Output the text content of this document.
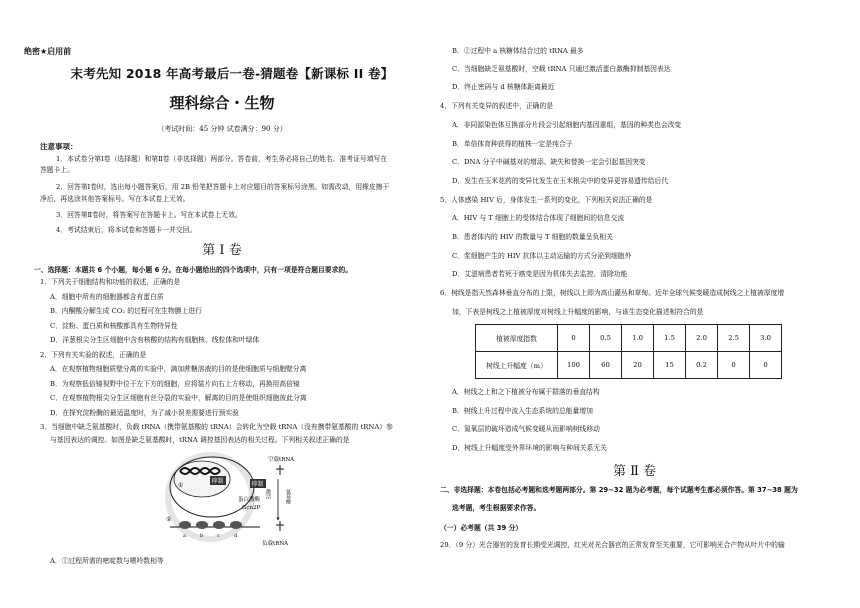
绝密★启用前
末考先知 2018 年高考最后一卷-猜题卷【新课标 II 卷】
理科综合・生物
（考试时间：45 分钟 试卷满分：90 分）
注意事项：
1．本试卷分第Ⅰ卷（选择题）和第Ⅱ卷（非选择题）两部分。答卷前，考生务必将自己的姓名、准考证号填写在
答题卡上。
2．回答第Ⅰ卷时，选出每小题答案后，用 2B 铅笔把答题卡上对应题目的答案标号涂黑。如需改动，用橡皮擦干
净后，再选涂其他答案标号。写在本试卷上无效。
3．回答第Ⅱ卷时，将答案写在答题卡上。写在本试卷上无效。
4．考试结束后，将本试卷和答题卡一并交回。
第 Ⅰ 卷
一、选择题：本题共 6 个小题，每小题 6 分。在每小题给出的四个选项中，只有一项是符合题目要求的。
1．下列关于细胞结构和功能的叙述，正确的是
A．细胞中所有的细胞器都含有蛋白质
B．内酮酸分解生成 CO₂ 的过程可在生物膜上进行
C．淀粉、蛋白质和核酸都具有生物特异性
D．洋葱根尖分生区细胞中含有核酸的结构有细胞核、线粒体和叶绿体
2．下列有关实验的叙述，正确的是
A．在观察植物细胞质壁分离的实验中，滴加蔗糖溶液的目的是使细胞质与细胞壁分离
B．为观察低倍镜视野中位于左下方的细胞，应将装片向右上方移动，再换用高倍镜
C．在观察植物根尖分生区细胞有丝分裂的实验中，解离的目的是使组织细胞彼此分离
D．在探究淀粉酶的最适温度时，为了减小误差需要进行预实验
3．当细胞中缺乏氨基酸时，负载 tRNA（携带氨基酸的 tRNA）会转化为空载 tRNA（没有携带氨基酸的 tRNA）参
与基因表达的调控。如图是缺乏氨基酸时，tRNA 调控基因表达的相关过程。下列相关叙述正确的是
①
抑制
a	b	c	d
②
空载tRNA
抑制
激活
蛋白激酶
Gcn2P
氨基酸
负载tRNA
A．①过程所需的嘧啶数与嘌呤数相等
B．②过程中 a 核糖体结合过的 tRNA 最多
C．当细胞缺乏氨基酸时，空载 tRNA 只通过激活蛋白激酶抑制基因表达
D．终止密码与 d 核糖体距离最近
4．下列有关变异的叙述中，正确的是
A．非同源染色体互换部分片段会引起细胞内基因重组，基因的种类也会改变
B．单倍体育种获得的植株一定是纯合子
C．DNA 分子中碱基对的增添、缺失和替换一定会引起基因突变
D．发生在玉米花药的变异比发生在玉米根尖中的变异更容易遗传给后代
5．人体感染 HIV 后，身体发生一系列的变化，下列相关说法正确的是
A．HIV 与 T 细胞上的受体结合体现了细胞间的信息交流
B．患者体内的 HIV 的数量与 T 细胞的数量呈负相关
C．浆细胞产生的 HIV 抗体以主动运输的方式分泌到细胞外
D．艾滋病患者若死于癌变是因为机体失去监控、清除功能
6．树线是指天然森林垂直分布的上限，树线以上即为高山灌丛和草甸。近年全球气候变暖造成树线之上植被厚度增
加，下表是树线之上植被厚度对树线上升幅度的影响，与该生态变化描述相符合的是
植被厚度指数	0	0.5	1.0	1.5	2.0	2.5	3.0
树线上升幅度（m）	100	60	20	15	0.2	0	0
A．树线之上和之下植被分布属于群落的垂直结构
B．树线上升过程中流入生态系统的总能量增加
C．氮氧层的破坏造成气候变暖从而影响树线移动
D．树线上升幅度受外界环境的影响与种间关系无关
第 Ⅱ 卷
二、非选择题：本卷包括必考题和选考题两部分。第 29~32 题为必考题，每个试题考生都必须作答。第 37~38 题为
选考题，考生根据要求作答。
（一）必考题（共 39 分）
29．（9 分）光合器官的发育长期受光调控，红光对光合器官的正常发育至关重要，它可影响光合产物从叶片中的输
